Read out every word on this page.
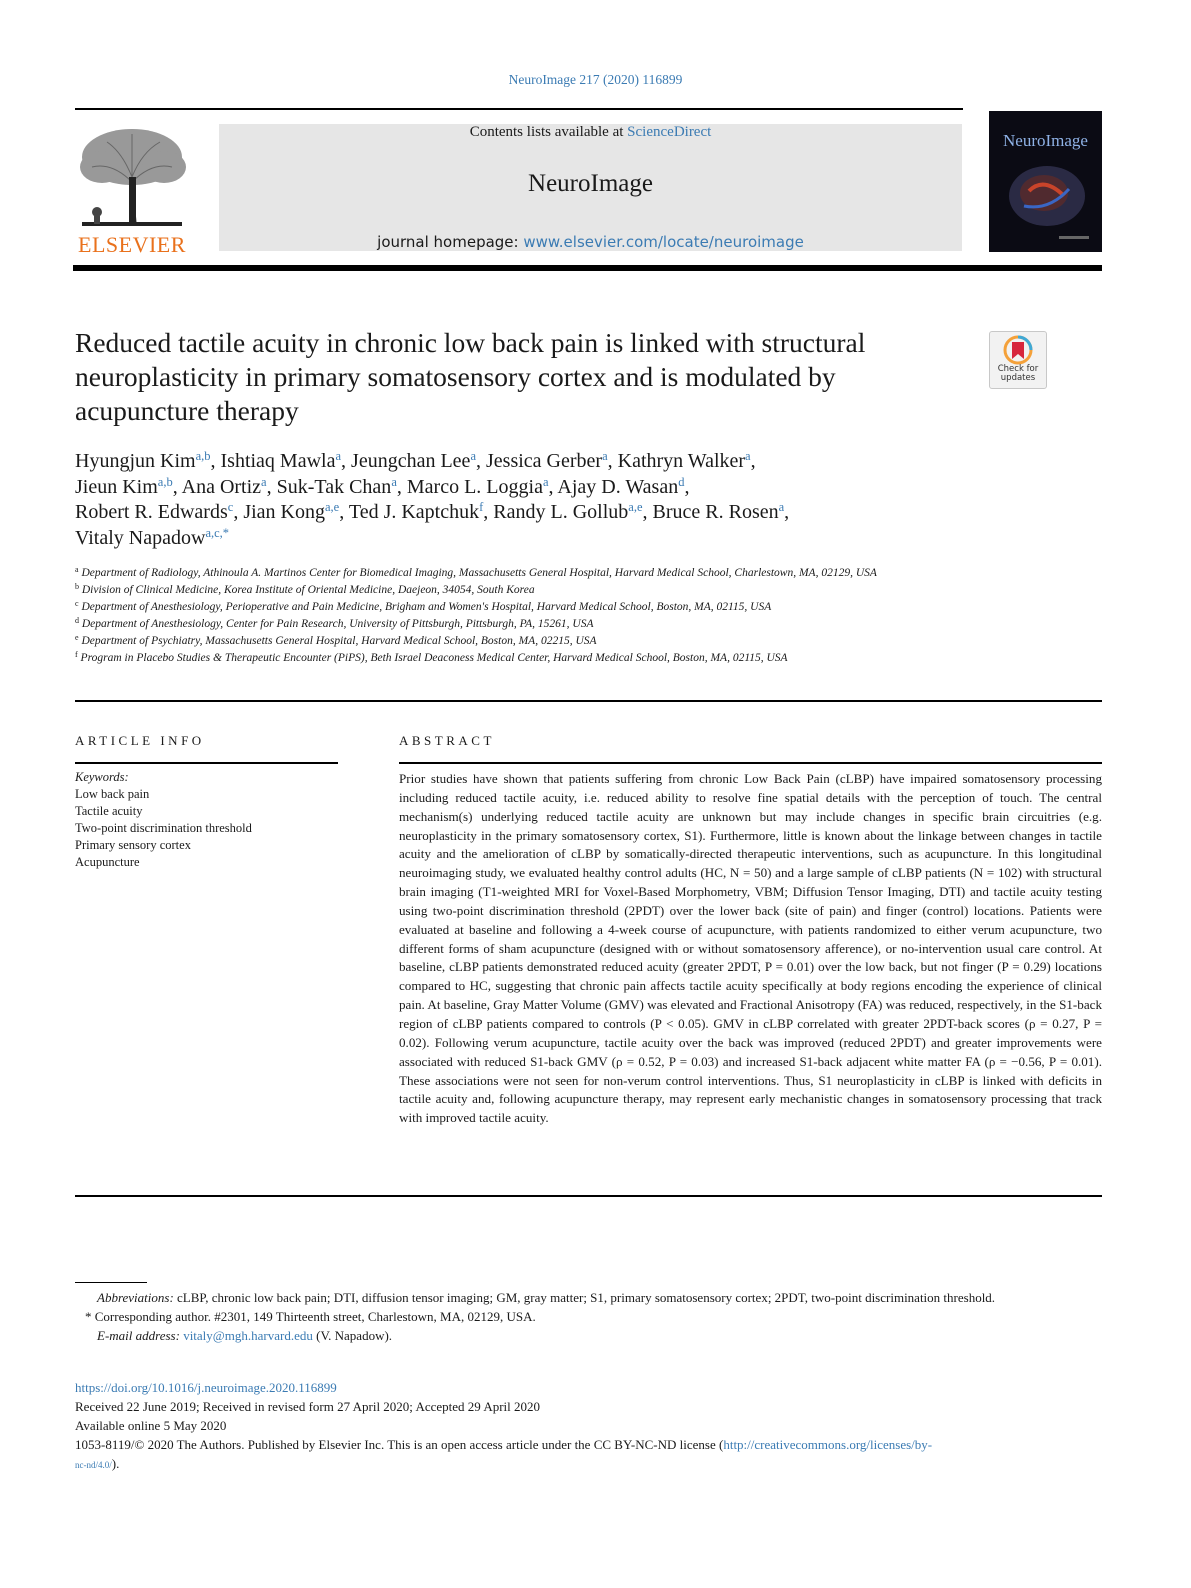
NeuroImage 217 (2020) 116899
ELSEVIER
Contents lists available at ScienceDirect
NeuroImage
journal homepage: www.elsevier.com/locate/neuroimage
NeuroImage
Reduced tactile acuity in chronic low back pain is linked with structural neuroplasticity in primary somatosensory cortex and is modulated by acupuncture therapy
Check for
updates
Hyungjun Kim$^{a,b}$, Ishtiaq Mawla$^a$, Jeungchan Lee$^a$, Jessica Gerber$^a$, Kathryn Walker$^a$,
Jieun Kim$^{a,b}$, Ana Ortiz$^a$, Suk-Tak Chan$^a$, Marco L. Loggia$^a$, Ajay D. Wasan$^d$,
Robert R. Edwards$^c$, Jian Kong$^{a,e}$, Ted J. Kaptchuk$^f$, Randy L. Gollub$^{a,e}$, Bruce R. Rosen$^a$,
Vitaly Napadow$^{a,c,*}$
$^a$ Department of Radiology, Athinoula A. Martinos Center for Biomedical Imaging, Massachusetts General Hospital, Harvard Medical School, Charlestown, MA, 02129, USA
$^b$ Division of Clinical Medicine, Korea Institute of Oriental Medicine, Daejeon, 34054, South Korea
$^c$ Department of Anesthesiology, Perioperative and Pain Medicine, Brigham and Women's Hospital, Harvard Medical School, Boston, MA, 02115, USA
$^d$ Department of Anesthesiology, Center for Pain Research, University of Pittsburgh, Pittsburgh, PA, 15261, USA
$^e$ Department of Psychiatry, Massachusetts General Hospital, Harvard Medical School, Boston, MA, 02215, USA
$^f$ Program in Placebo Studies & Therapeutic Encounter (PiPS), Beth Israel Deaconess Medical Center, Harvard Medical School, Boston, MA, 02115, USA
ARTICLE INFO	ABSTRACT
Keywords:
Low back pain
Tactile acuity
Two-point discrimination threshold
Primary sensory cortex
Acupuncture
Prior studies have shown that patients suffering from chronic Low Back Pain (cLBP) have impaired somatosensory processing including reduced tactile acuity, i.e. reduced ability to resolve fine spatial details with the perception of touch. The central mechanism(s) underlying reduced tactile acuity are unknown but may include changes in specific brain circuitries (e.g. neuroplasticity in the primary somatosensory cortex, S1). Furthermore, little is known about the linkage between changes in tactile acuity and the amelioration of cLBP by somatically-directed therapeutic interventions, such as acupuncture. In this longitudinal neuroimaging study, we evaluated healthy control adults (HC, N = 50) and a large sample of cLBP patients (N = 102) with structural brain imaging (T1-weighted MRI for Voxel-Based Morphometry, VBM; Diffusion Tensor Imaging, DTI) and tactile acuity testing using two-point discrimination threshold (2PDT) over the lower back (site of pain) and finger (control) locations. Patients were evaluated at baseline and following a 4-week course of acupuncture, with patients randomized to either verum acupuncture, two different forms of sham acupuncture (designed with or without somatosensory afference), or no-intervention usual care control. At baseline, cLBP patients demonstrated reduced acuity (greater 2PDT, P = 0.01) over the low back, but not finger (P = 0.29) locations compared to HC, suggesting that chronic pain affects tactile acuity specifically at body regions encoding the experience of clinical pain. At baseline, Gray Matter Volume (GMV) was elevated and Fractional Anisotropy (FA) was reduced, respectively, in the S1-back region of cLBP patients compared to controls (P < 0.05). GMV in cLBP correlated with greater 2PDT-back scores (ρ = 0.27, P = 0.02). Following verum acupuncture, tactile acuity over the back was improved (reduced 2PDT) and greater improvements were associated with reduced S1-back GMV (ρ = 0.52, P = 0.03) and increased S1-back adjacent white matter FA (ρ = −0.56, P = 0.01). These associations were not seen for non-verum control interventions. Thus, S1 neuroplasticity in cLBP is linked with deficits in tactile acuity and, following acupuncture therapy, may represent early mechanistic changes in somatosensory processing that track with improved tactile acuity.
Abbreviations: cLBP, chronic low back pain; DTI, diffusion tensor imaging; GM, gray matter; S1, primary somatosensory cortex; 2PDT, two-point discrimination threshold.
* Corresponding author. #2301, 149 Thirteenth street, Charlestown, MA, 02129, USA.
E-mail address: vitaly@mgh.harvard.edu (V. Napadow).
https://doi.org/10.1016/j.neuroimage.2020.116899
Received 22 June 2019; Received in revised form 27 April 2020; Accepted 29 April 2020
Available online 5 May 2020
1053-8119/© 2020 The Authors. Published by Elsevier Inc. This is an open access article under the CC BY-NC-ND license (http://creativecommons.org/licenses/by-
nc-nd/4.0/).
